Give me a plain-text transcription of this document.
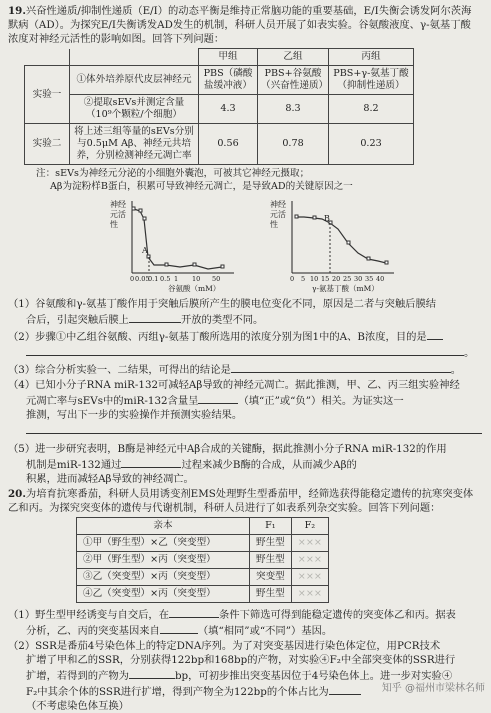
19.兴奋性递质/抑制性递质（E/I）的动态平衡是维持正常脑功能的重要基础，E/I失衡会诱发阿尔茨海默病（AD）。为探究E/I失衡诱发AD发生的机制，科研人员开展了如表实验。谷氨酸液度、γ-氨基丁酸浓度对神经元活性的影响如图。回答下列问题：

		甲组	乙组	丙组
实验一	①体外培养原代皮层神经元	PBS（磷酸盐缓冲液）	PBS+谷氨酸（兴奋性递质）	PBS+γ-氨基丁酸（抑制性递质）
	②提取sEVs并测定含量（10⁹个颗粒/个细胞）	4.3	8.3	8.2
实验二	将上述三组等量的sEVs分别与0.5μM Aβ、神经元共培养，分别检测神经元凋亡率	0.56	0.78	0.23
注：sEVs为神经元分泌的小细胞外囊泡，可被其它神经元摄取；
Aβ为淀粉样B蛋白，积累可导致神经元凋亡，是导致AD的关键原因之一
神经
元活
性
A
0 0.05
0.1 0.5 1 10 50
谷氨酸（mM）
神经
元活
性
B
0 5 10 15 20 25 30 35 40
γ-氨基丁酸（mM）

（1）谷氨酸和γ-氨基丁酸作用于突触后膜所产生的膜电位变化不同，原因是二者与突触后膜结
合后，引起突触后膜上	开放的类型不同。

（2）步骤①中乙组谷氨酸、丙组γ-氨基丁酸所选用的浓度分别为图1中的A、B浓度，目的是
。

（3）综合分析实验一、二结果，可得出的结论是	。

（4）已知小分子RNA miR-132可减轻Aβ导致的神经元凋亡。据此推测，甲、乙、丙三组实验神经
元凋亡率与sEVs中的miR-132含量呈	（填“正”或“负”）相关。为证实这一
推测，写出下一步的实验操作并预测实验结果。

（5）进一步研究表明，B酶是神经元中Aβ合成的关键酶，据此推测小分子RNA miR-132的作用
机制是miR-132通过	过程来减少B酶的合成，从而减少Aβ的
积累，进而减轻Aβ导致的神经凋亡。

20.为培育抗寒番茄，科研人员用诱变剂EMS处理野生型番茄甲，经筛选获得能稳定遗传的抗寒突变体乙和丙。为探究突变体的遗传与代谢机制，科研人员进行了如表系列杂交实验。回答下列问题：

亲本	F₁	F₂
①甲（野生型）×乙（突变型）	野生型	×××
②甲（野生型）×丙（突变型）	野生型	×××
③乙（突变型）×丙（突变型）	突变型	×××
④乙（突变型）×丙（突变型）	野生型	×××

（1）野生型甲经诱变与自交后，在	条件下筛选可得到能稳定遗传的突变体乙和丙。据表
分析，乙、丙的突变基因来自	（填“相同”或“不同”）基因。

（2）SSR是番茄4号染色体上的特定DNA序列。为了对突变基因进行染色体定位，用PCR技术
扩增了甲和乙的SSR，分别获得122bp和168bp的产物，对实验④F₂中全部突变体的SSR进行
扩增，若得到的产物为	bp，可初步推出突变基因位于4号染色体上。进一步对实验④
F₂中其余个体的SSR进行扩增，得到产物全为122bp的个体占比为
（不考虑染色体互换）

知乎 @福州市梁林名师
